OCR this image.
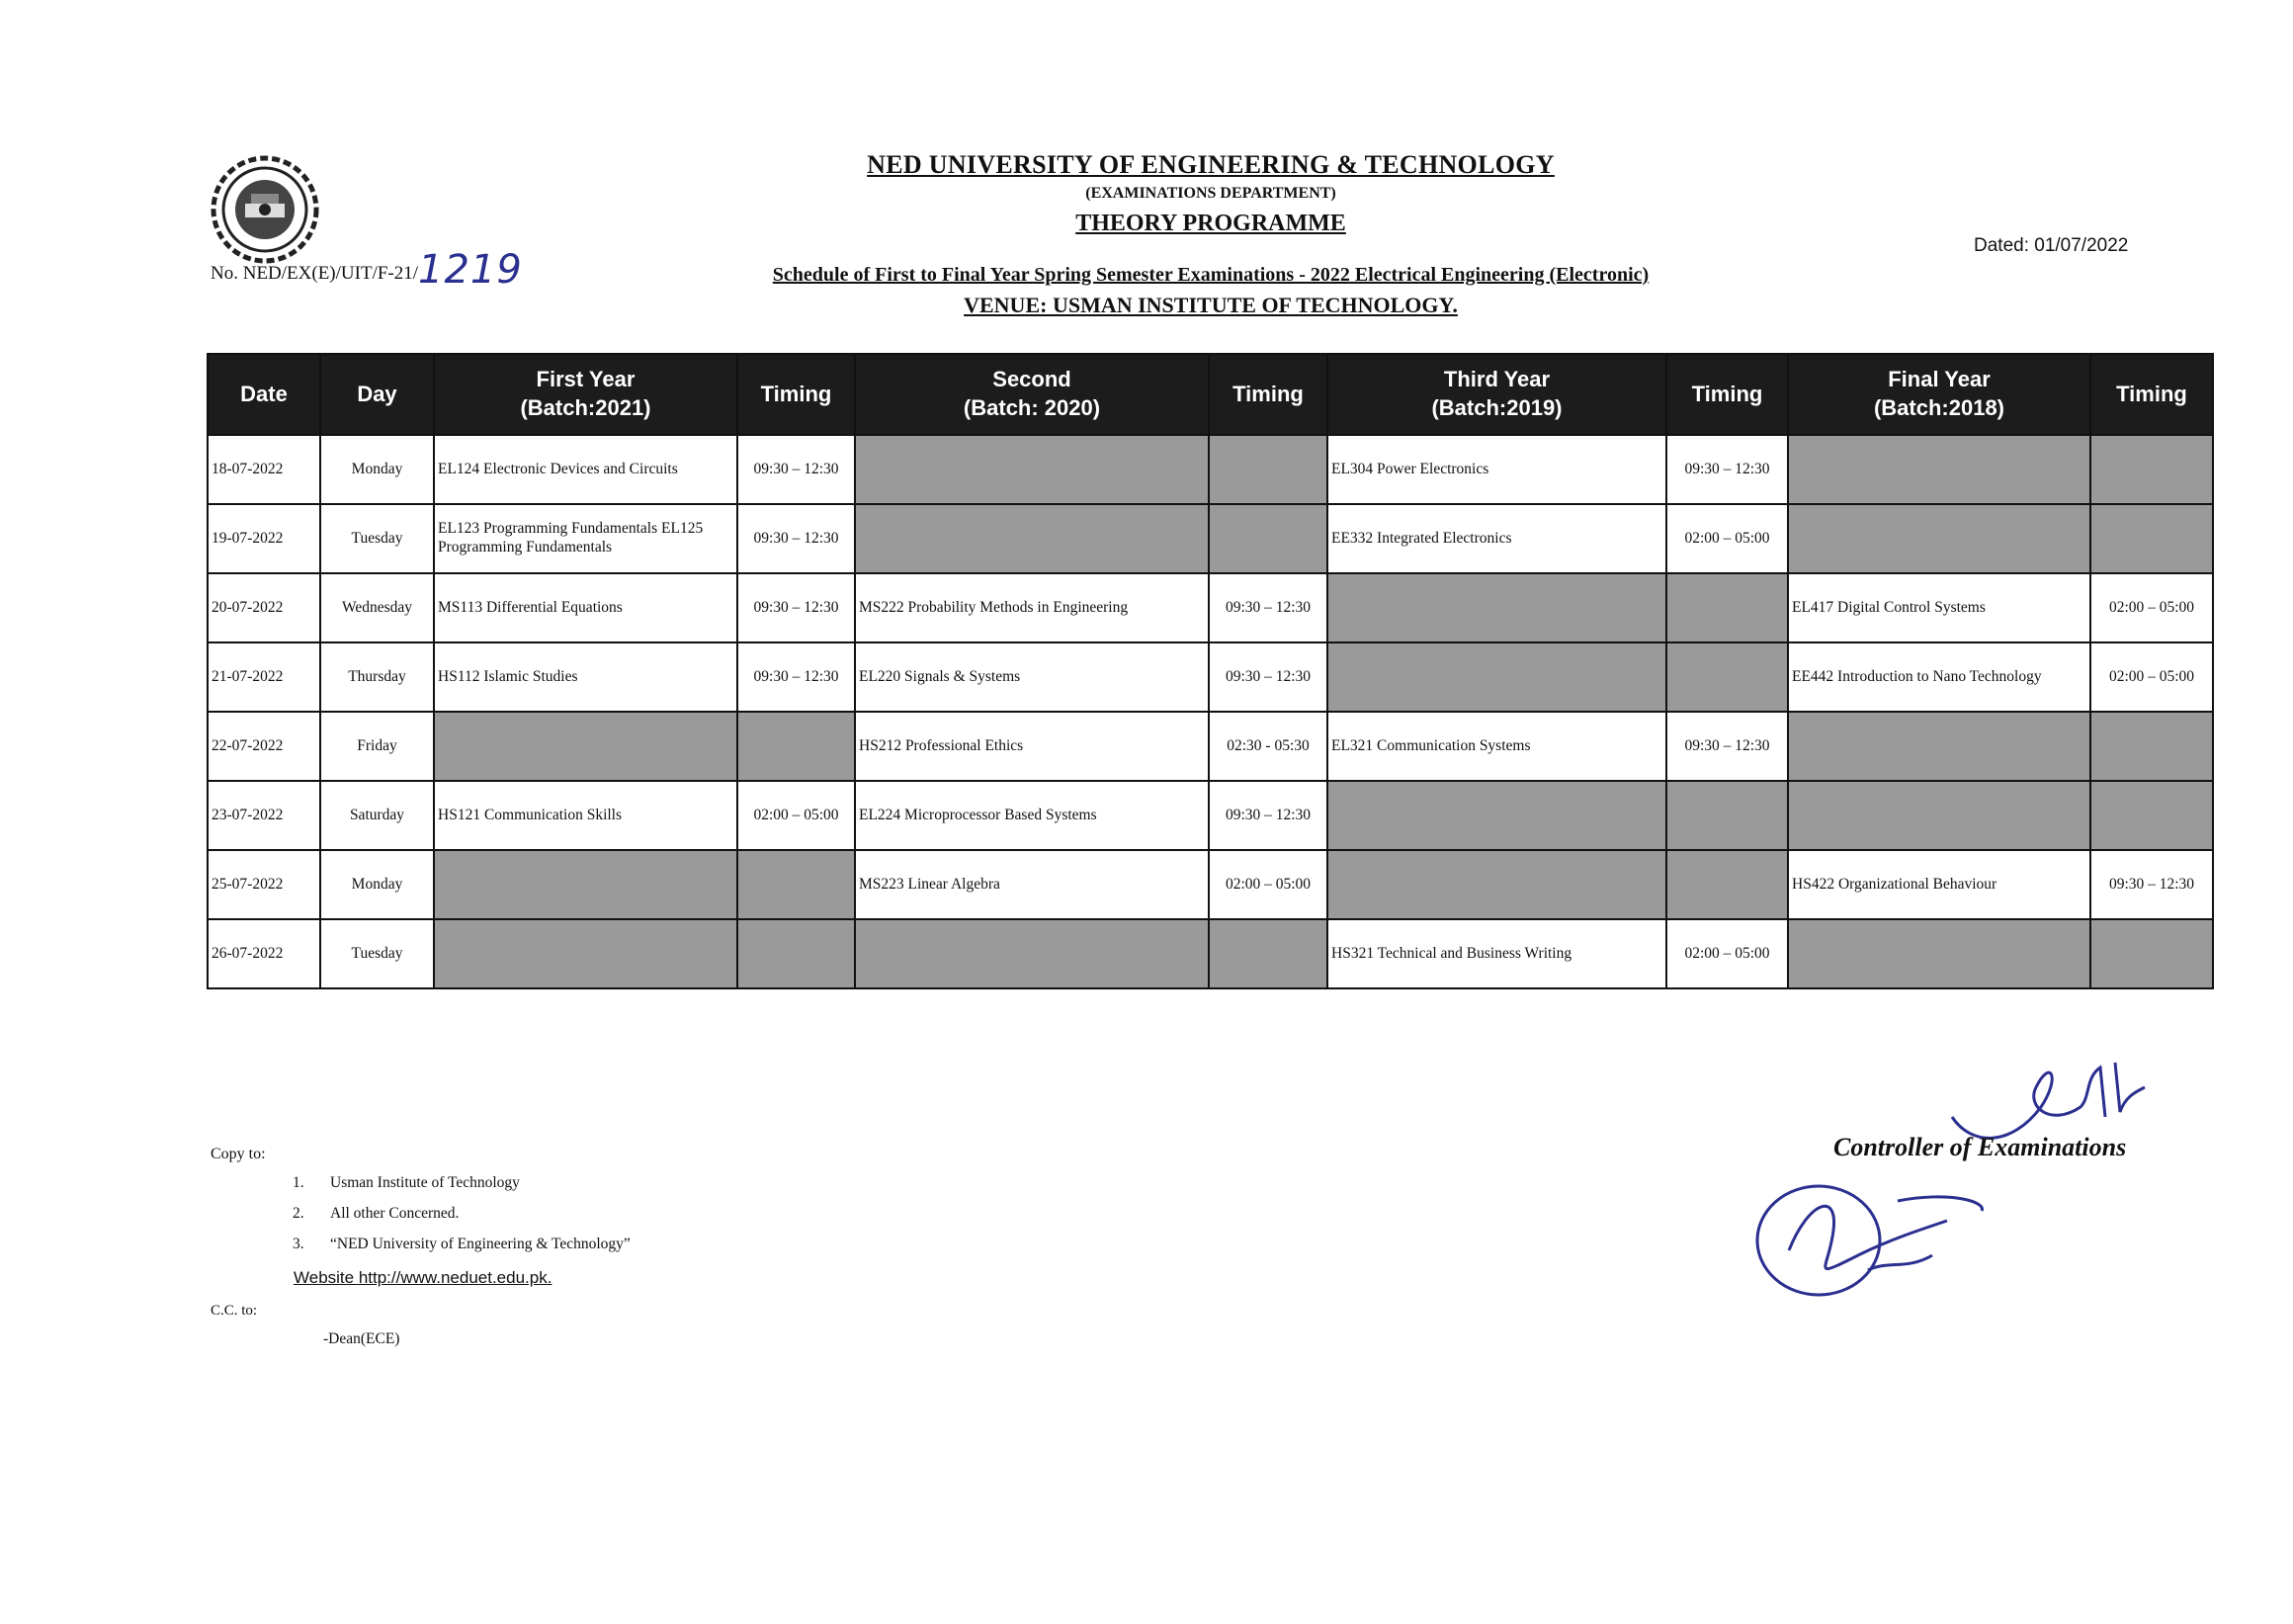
No. NED/EX(E)/UIT/F-21/1219
NED UNIVERSITY OF ENGINEERING & TECHNOLOGY
(EXAMINATIONS DEPARTMENT)
THEORY PROGRAMME
Schedule of First to Final Year Spring Semester Examinations - 2022 Electrical Engineering (Electronic)
VENUE: USMAN INSTITUTE OF TECHNOLOGY.
Dated: 01/07/2022
Date	Day	First Year
(Batch:2021)	Timing	Second
(Batch: 2020)	Timing	Third Year
(Batch:2019)	Timing	Final Year
(Batch:2018)	Timing
18-07-2022	Monday	EL124 Electronic Devices and Circuits	09:30 – 12:30			EL304 Power Electronics	09:30 – 12:30		
19-07-2022	Tuesday	EL123 Programming Fundamentals EL125 Programming Fundamentals	09:30 – 12:30			EE332 Integrated Electronics	02:00 – 05:00		
20-07-2022	Wednesday	MS113 Differential Equations	09:30 – 12:30	MS222 Probability Methods in Engineering	09:30 – 12:30			EL417 Digital Control Systems	02:00 – 05:00
21-07-2022	Thursday	HS112 Islamic Studies	09:30 – 12:30	EL220 Signals & Systems	09:30 – 12:30			EE442 Introduction to Nano Technology	02:00 – 05:00
22-07-2022	Friday			HS212 Professional Ethics	02:30 - 05:30	EL321 Communication Systems	09:30 – 12:30		
23-07-2022	Saturday	HS121 Communication Skills	02:00 – 05:00	EL224 Microprocessor Based Systems	09:30 – 12:30				
25-07-2022	Monday			MS223 Linear Algebra	02:00 – 05:00			HS422 Organizational Behaviour	09:30 – 12:30
26-07-2022	Tuesday					HS321 Technical and Business Writing	02:00 – 05:00		
Copy to:
1. Usman Institute of Technology
2. All other Concerned.
3. “NED University of Engineering & Technology”
Website http://www.neduet.edu.pk.
C.C. to:
-Dean(ECE)
Controller of Examinations
